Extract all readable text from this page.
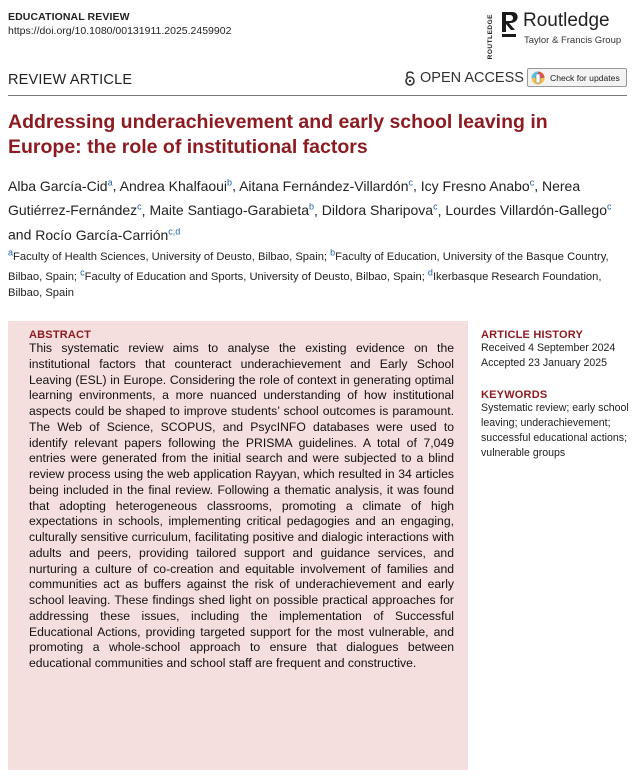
EDUCATIONAL REVIEW
https://doi.org/10.1080/00131911.2025.2459902	ROUTLEDGE Routledge
Taylor & Francis Group
REVIEW ARTICLE	OPEN ACCESS	Check for updates
Addressing underachievement and early school leaving in Europe: the role of institutional factors
Alba García-Cid$^a$, Andrea Khalfaoui$^b$, Aitana Fernández-Villardón$^c$, Icy Fresno Anabo$^c$, Nerea Gutiérrez-Fernández$^c$, Maite Santiago-Garabieta$^b$, Dildora Sharipova$^c$, Lourdes Villardón-Gallego$^c$ and Rocío García-Carrión$^{c,d}$
$^a$Faculty of Health Sciences, University of Deusto, Bilbao, Spain; $^b$Faculty of Education, University of the Basque Country, Bilbao, Spain; $^c$Faculty of Education and Sports, University of Deusto, Bilbao, Spain; $^d$Ikerbasque Research Foundation, Bilbao, Spain
ABSTRACT

This systematic review aims to analyse the existing evidence on the institutional factors that counteract underachievement and Early School Leaving (ESL) in Europe. Considering the role of context in generating optimal learning environments, a more nuanced understanding of how institutional aspects could be shaped to improve students’ school outcomes is paramount. The Web of Science, SCOPUS, and PsycINFO databases were used to identify relevant papers following the PRISMA guidelines. A total of 7,049 entries were generated from the initial search and were subjected to a blind review process using the web application Rayyan, which resulted in 34 articles being included in the final review. Following a thematic analysis, it was found that adopting heterogeneous classrooms, promoting a climate of high expectations in schools, implementing critical pedagogies and an engaging, culturally sensitive curriculum, facilitating positive and dialogic interactions with adults and peers, providing tailored support and guidance services, and nurturing a culture of co-creation and equitable involvement of families and communities act as buffers against the risk of underachievement and early school leaving. These findings shed light on possible practical approaches for addressing these issues, including the implementation of Successful Educational Actions, providing targeted support for the most vulnerable, and promoting a whole-school approach to ensure that dialogues between educational communities and school staff are frequent and constructive.

ARTICLE HISTORY
Received 4 September 2024
Accepted 23 January 2025
KEYWORDS
Systematic review; early school leaving; underachievement; successful educational actions; vulnerable groups
